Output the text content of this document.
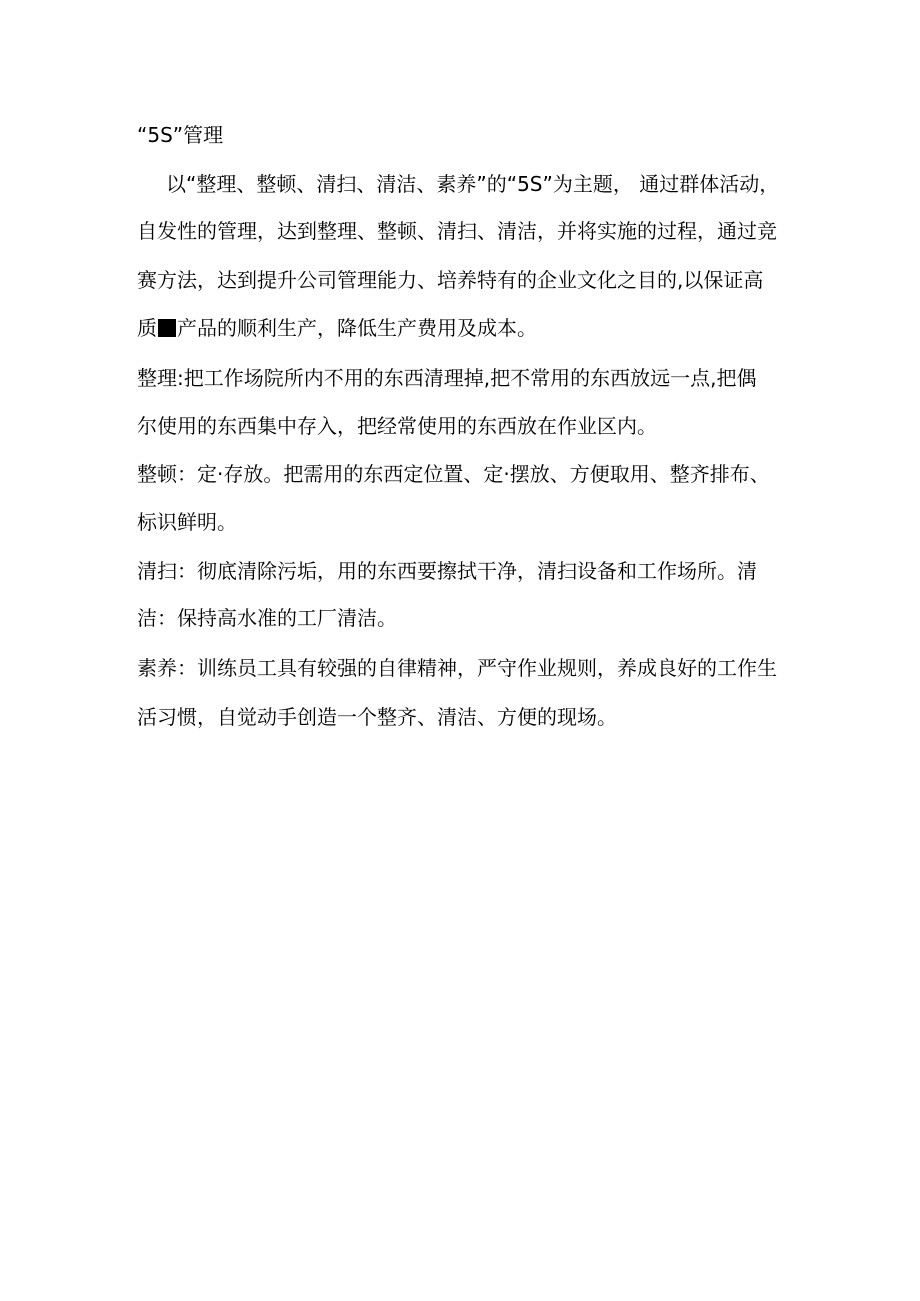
“5S”管理
以“整理、整顿、清扫、清洁、素养”的“5S”为主题， 通过群体活动，
自发性的管理，达到整理、整顿、清扫、清洁，并将实施的过程，通过竞
赛方法，达到提升公司管理能力、培养特有的企业文化之目的,以保证高
质 产品的顺利生产，降低生产费用及成本。
整理:把工作场院所内不用的东西清理掉,把不常用的东西放远一点,把偶
尔使用的东西集中存入，把经常使用的东西放在作业区内。
整顿：定·存放。把需用的东西定位置、定·摆放、方便取用、整齐排布、
标识鲜明。
清扫：彻底清除污垢，用的东西要擦拭干净，清扫设备和工作场所。清
洁：保持高水准的工厂清洁。
素养：训练员工具有较强的自律精神，严守作业规则，养成良好的工作生
活习惯，自觉动手创造一个整齐、清洁、方便的现场。
